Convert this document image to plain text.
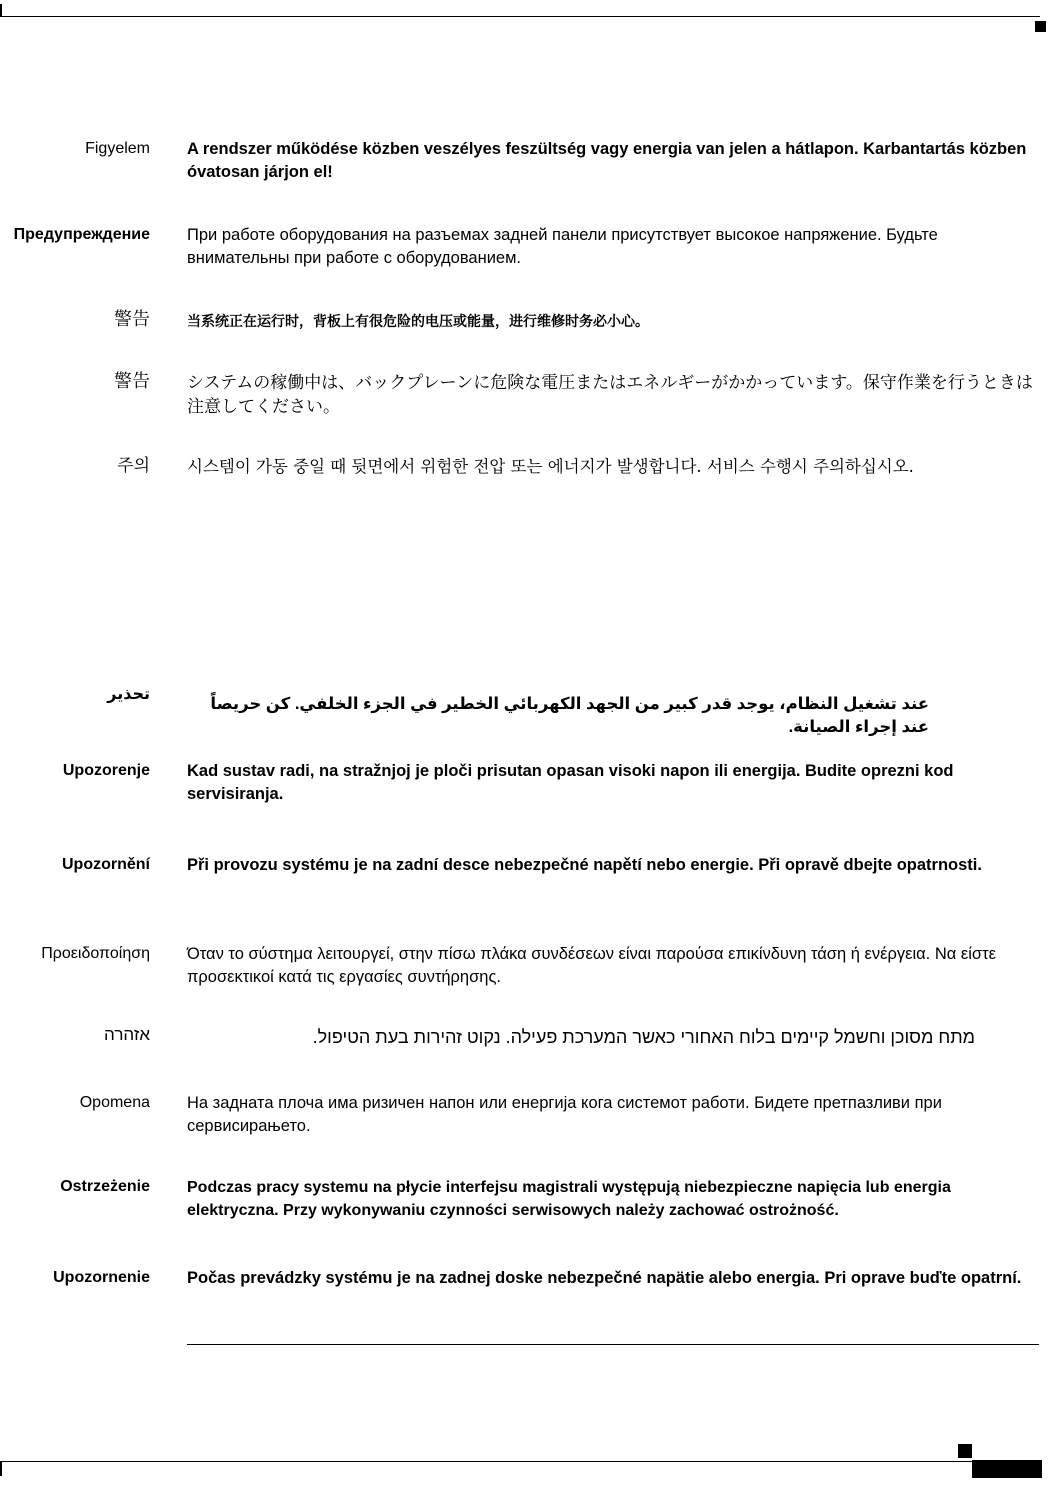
Figyelem A rendszer működése közben veszélyes feszültség vagy energia van jelen a hátlapon. Karbantartás közben óvatosan járjon el!
Предупреждение При работе оборудования на разъемах задней панели присутствует высокое напряжение. Будьте внимательны при работе с оборудованием.
警告	当系统正在运行时，背板上有很危险的电压或能量，进行维修时务必小心。
警告 システムの稼働中は、バックプレーンに危険な電圧またはエネルギーがかかっています。保守作業を行うときは注意してください。
주의 시스템이 가동 중일 때 뒷면에서 위험한 전압 또는 에너지가 발생합니다. 서비스 수행시 주의하십시오.
تحذير
عند تشغيل النظام، يوجد قدر كبير من الجهد الكهربائي الخطير في الجزء الخلفي. كن حريصاً عند إجراء الصيانة.
Upozorenje Kad sustav radi, na stražnjoj je ploči prisutan opasan visoki napon ili energija. Budite oprezni kod servisiranja.
Upozornění Při provozu systému je na zadní desce nebezpečné napětí nebo energie. Při opravě dbejte opatrnosti.
Προειδοποίηση Όταν το σύστημα λειτουργεί, στην πίσω πλάκα συνδέσεων είναι παρούσα επικίνδυνη τάση ή ενέργεια. Να είστε προσεκτικοί κατά τις εργασίες συντήρησης.
אזהרה	מתח מסוכן וחשמל קיימים בלוח האחורי כאשר המערכת פעילה. נקוט זהירות בעת הטיפול.
Opomena На задната плоча има ризичен напон или енергија кога системот работи. Бидете претпазливи при сервисирањето.
Ostrzeżenie Podczas pracy systemu na płycie interfejsu magistrali występują niebezpieczne napięcia lub energia elektryczna. Przy wykonywaniu czynności serwisowych należy zachować ostrożność.
Upozornenie Počas prevádzky systému je na zadnej doske nebezpečné napätie alebo energia. Pri oprave buďte opatrní.
